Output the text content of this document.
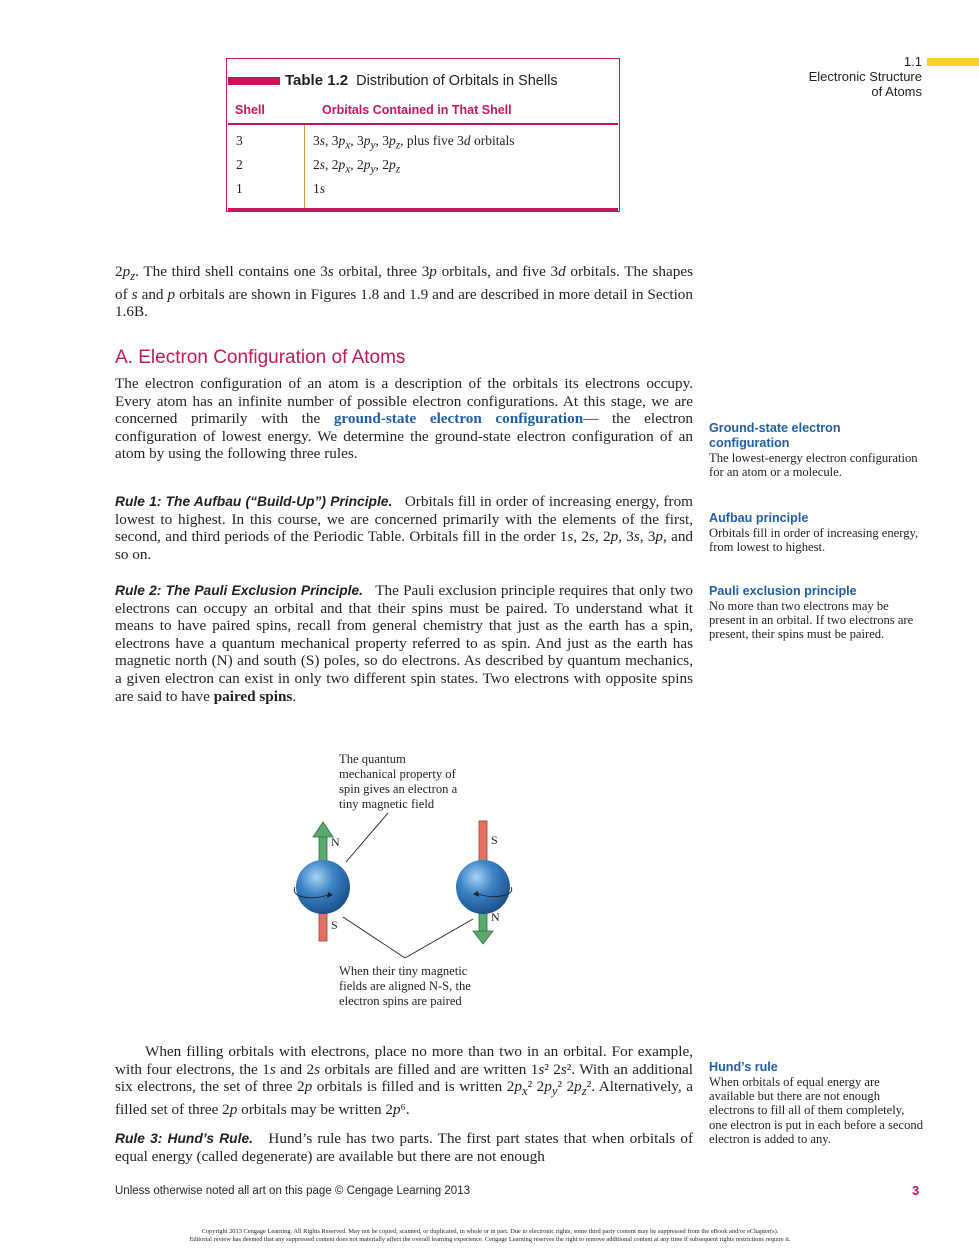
1.1
Electronic Structure
of Atoms
Table 1.2 Distribution of Orbitals in Shells
Shell	Orbitals Contained in That Shell
3	3s, $3p_x$, $3p_y$, $3p_z$, plus five 3d orbitals
2	2s, $2p_x$, $2p_y$, $2p_z$
1	1s
$2p_z$. The third shell contains one 3s orbital, three 3p orbitals, and five 3d orbitals. The shapes of s and p orbitals are shown in Figures 1.8 and 1.9 and are described in more detail in Section 1.6B.
A. Electron Configuration of Atoms
The electron configuration of an atom is a description of the orbitals its electrons occupy. Every atom has an infinite number of possible electron configurations. At this stage, we are concerned primarily with the ground-state electron configuration— the electron configuration of lowest energy. We determine the ground-state electron configuration of an atom by using the following three rules.
Rule 1: The Aufbau (“Build-Up”) Principle. Orbitals fill in order of increasing energy, from lowest to highest. In this course, we are concerned primarily with the elements of the first, second, and third periods of the Periodic Table. Orbitals fill in the order 1s, 2s, 2p, 3s, 3p, and so on.
Rule 2: The Pauli Exclusion Principle. The Pauli exclusion principle requires that only two electrons can occupy an orbital and that their spins must be paired. To understand what it means to have paired spins, recall from general chemistry that just as the earth has a spin, electrons have a quantum mechanical property referred to as spin. And just as the earth has magnetic north (N) and south (S) poles, so do electrons. As described by quantum mechanics, a given electron can exist in only two different spin states. Two electrons with opposite spins are said to have paired spins.
Ground-state electron configuration
The lowest-energy electron configuration for an atom or a molecule.
Aufbau principle
Orbitals fill in order of increasing energy, from lowest to highest.
Pauli exclusion principle
No more than two electrons may be present in an orbital. If two electrons are present, their spins must be paired.
Hund’s rule
When orbitals of equal energy are available but there are not enough electrons to fill all of them completely, one electron is put in each before a second electron is added to any.
The quantum mechanical property of spin gives an electron a tiny magnetic field
N
S
S
N
When their tiny magnetic fields are aligned N-S, the electron spins are paired
When filling orbitals with electrons, place no more than two in an orbital. For example, with four electrons, the 1s and 2s orbitals are filled and are written 1s² 2s². With an additional six electrons, the set of three 2p orbitals is filled and is written $2p_x^2$ $2p_y^2$ $2p_z^2$. Alternatively, a filled set of three 2p orbitals may be written 2p⁶.
Rule 3: Hund’s Rule. Hund’s rule has two parts. The first part states that when orbitals of equal energy (called degenerate) are available but there are not enough
Unless otherwise noted all art on this page © Cengage Learning 2013	3
Copyright 2013 Cengage Learning. All Rights Reserved. May not be copied, scanned, or duplicated, in whole or in part. Due to electronic rights, some third party content may be suppressed from the eBook and/or eChapter(s).
Editorial review has deemed that any suppressed content does not materially affect the overall learning experience. Cengage Learning reserves the right to remove additional content at any time if subsequent rights restrictions require it.
